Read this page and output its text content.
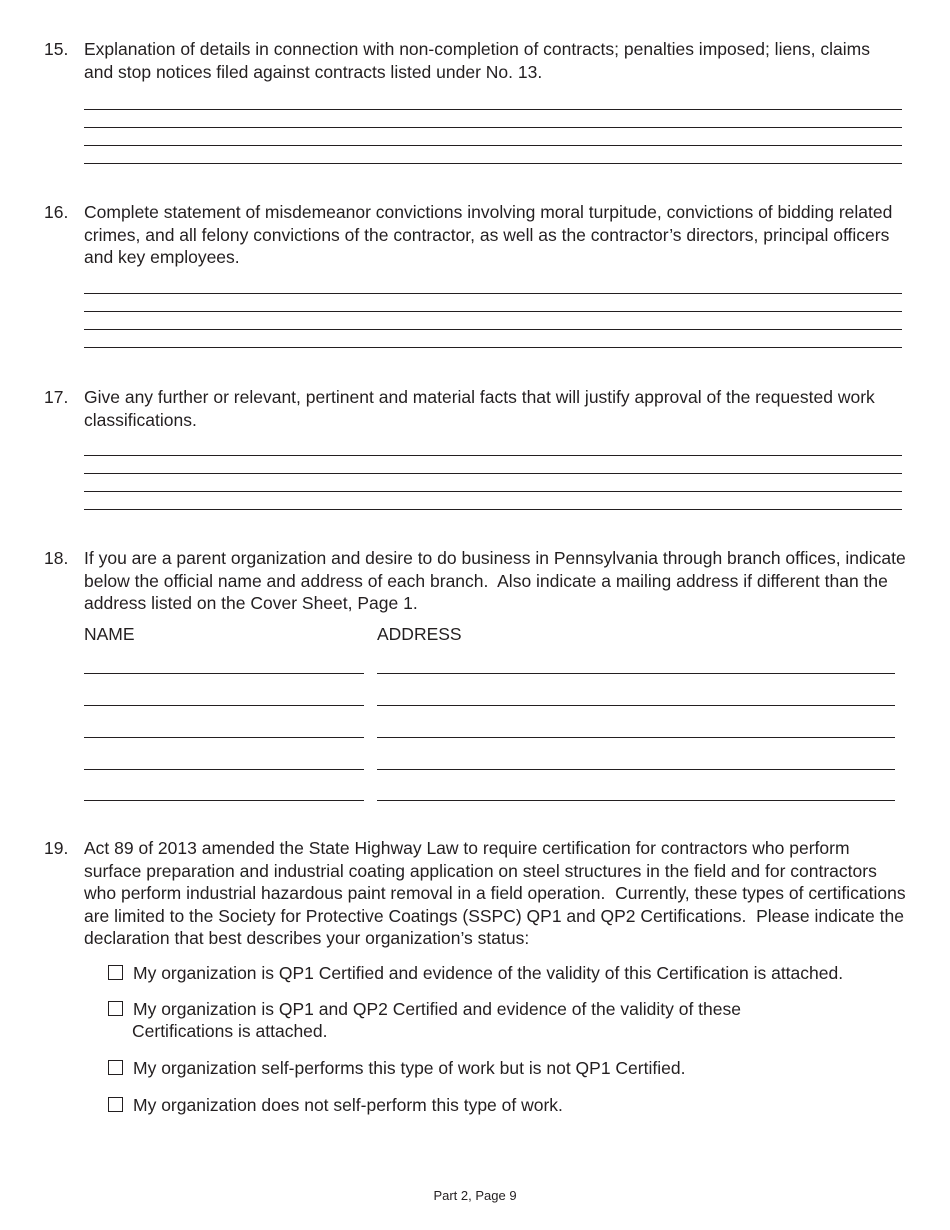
15. Explanation of details in connection with non-completion of contracts; penalties imposed; liens, claims and stop notices filed against contracts listed under No. 13.
16. Complete statement of misdemeanor convictions involving moral turpitude, convictions of bidding related crimes, and all felony convictions of the contractor, as well as the contractor’s directors, principal officers and key employees.
17. Give any further or relevant, pertinent and material facts that will justify approval of the requested work classifications.
18. If you are a parent organization and desire to do business in Pennsylvania through branch offices, indicate below the official name and address of each branch.  Also indicate a mailing address if different than the address listed on the Cover Sheet, Page 1.
NAME	ADDRESS
19. Act 89 of 2013 amended the State Highway Law to require certification for contractors who perform surface preparation and industrial coating application on steel structures in the field and for contractors who perform industrial hazardous paint removal in a field operation.  Currently, these types of certifications are limited to the Society for Protective Coatings (SSPC) QP1 and QP2 Certifications.  Please indicate the declaration that best describes your organization’s status:
My organization is QP1 Certified and evidence of the validity of this Certification is attached.
My organization is QP1 and QP2 Certified and evidence of the validity of these
Certifications is attached.
My organization self-performs this type of work but is not QP1 Certified.
My organization does not self-perform this type of work.
Part 2, Page 9
